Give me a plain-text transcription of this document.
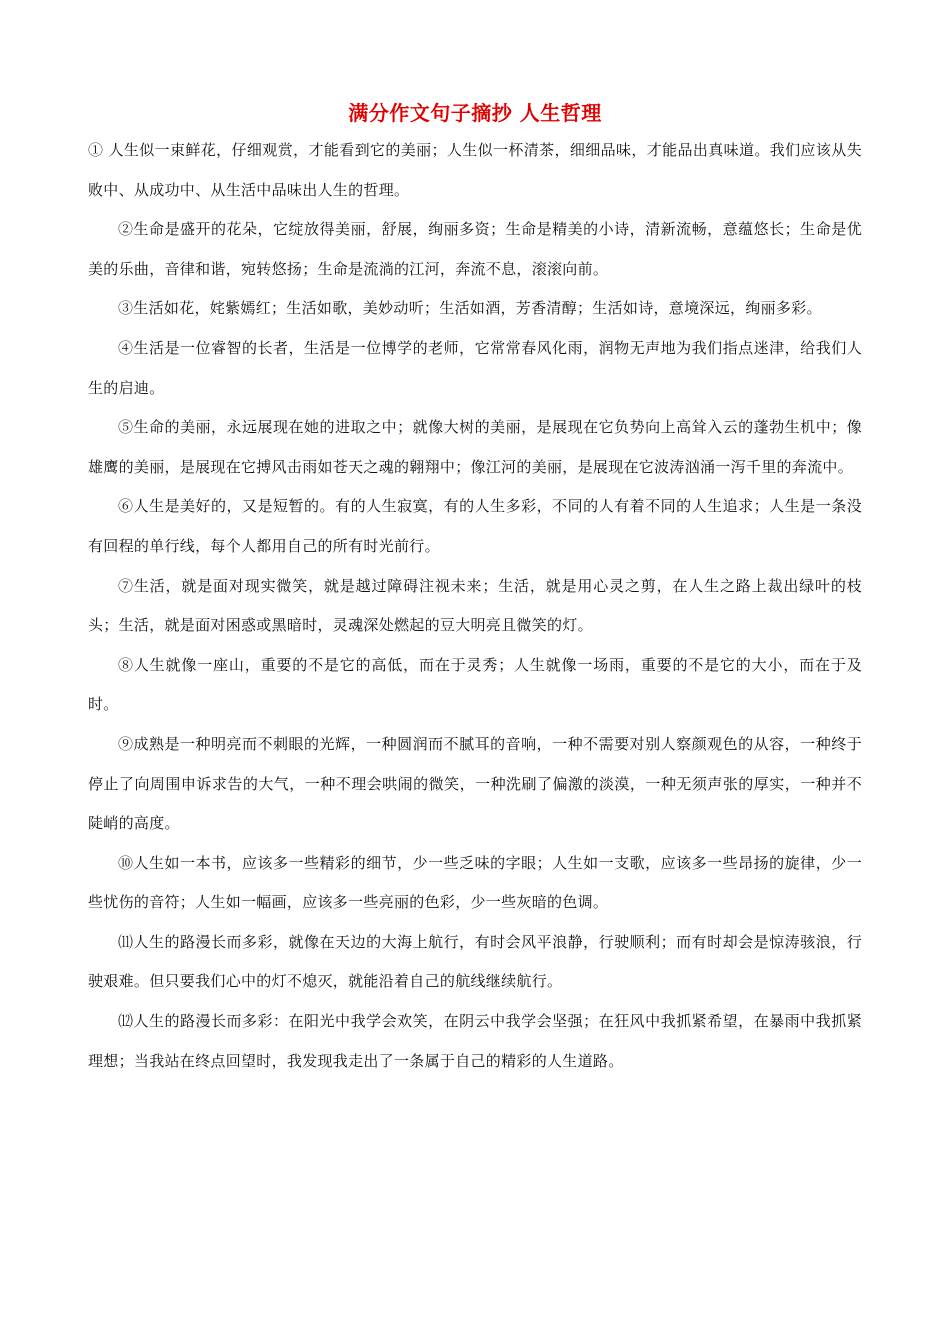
满分作文句子摘抄 人生哲理

① 人生似一束鲜花，仔细观赏，才能看到它的美丽；人生似一杯清茶，细细品味，才能品出真味道。我们应该从失败中、从成功中、从生活中品味出人生的哲理。

②生命是盛开的花朵，它绽放得美丽，舒展，绚丽多资；生命是精美的小诗，清新流畅，意蕴悠长；生命是优美的乐曲，音律和谐，宛转悠扬；生命是流淌的江河，奔流不息，滚滚向前。

③生活如花，姹紫嫣红；生活如歌，美妙动听；生活如酒，芳香清醇；生活如诗，意境深远，绚丽多彩。

④生活是一位睿智的长者，生活是一位博学的老师，它常常春风化雨，润物无声地为我们指点迷津，给我们人生的启迪。

⑤生命的美丽，永远展现在她的进取之中；就像大树的美丽，是展现在它负势向上高耸入云的蓬勃生机中；像雄鹰的美丽，是展现在它搏风击雨如苍天之魂的翱翔中；像江河的美丽，是展现在它波涛汹涌一泻千里的奔流中。

⑥人生是美好的，又是短暂的。有的人生寂寞，有的人生多彩，不同的人有着不同的人生追求；人生是一条没有回程的单行线，每个人都用自己的所有时光前行。

⑦生活，就是面对现实微笑，就是越过障碍注视未来；生活，就是用心灵之剪，在人生之路上裁出绿叶的枝头；生活，就是面对困惑或黑暗时，灵魂深处燃起的豆大明亮且微笑的灯。

⑧人生就像一座山，重要的不是它的高低，而在于灵秀；人生就像一场雨，重要的不是它的大小，而在于及时。

⑨成熟是一种明亮而不刺眼的光辉，一种圆润而不腻耳的音响，一种不需要对别人察颜观色的从容，一种终于停止了向周围申诉求告的大气，一种不理会哄闹的微笑，一种洗刷了偏激的淡漠，一种无须声张的厚实，一种并不陡峭的高度。

⑩人生如一本书，应该多一些精彩的细节，少一些乏味的字眼；人生如一支歌，应该多一些昂扬的旋律，少一些忧伤的音符；人生如一幅画，应该多一些亮丽的色彩，少一些灰暗的色调。

⑾人生的路漫长而多彩，就像在天边的大海上航行，有时会风平浪静，行驶顺利；而有时却会是惊涛骇浪，行驶艰难。但只要我们心中的灯不熄灭，就能沿着自己的航线继续航行。

⑿人生的路漫长而多彩：在阳光中我学会欢笑，在阴云中我学会坚强；在狂风中我抓紧希望，在暴雨中我抓紧理想；当我站在终点回望时，我发现我走出了一条属于自己的精彩的人生道路。
